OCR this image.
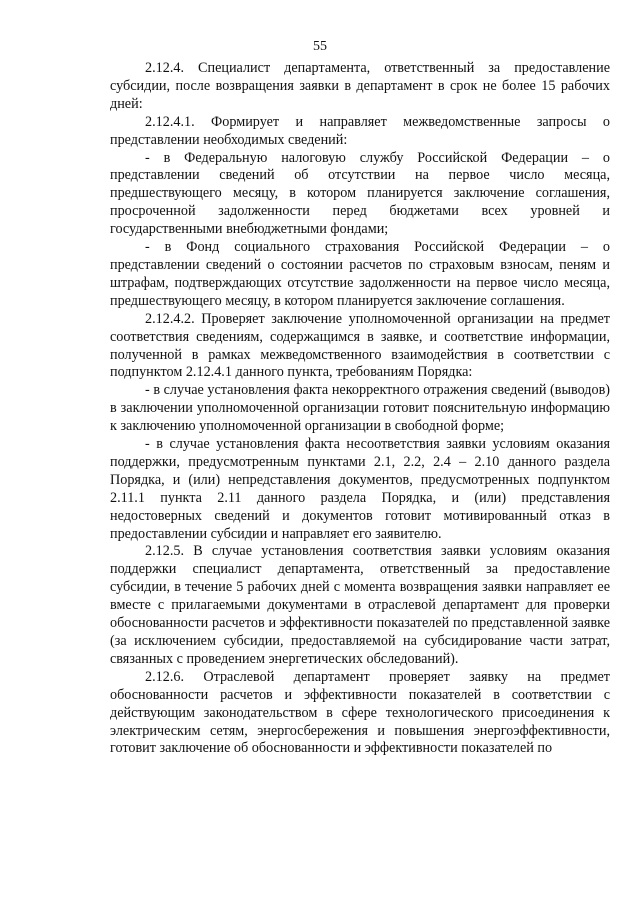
55

2.12.4. Специалист департамента, ответственный за предоставление субсидии, после возвращения заявки в департамент в срок не более 15 рабочих дней:

2.12.4.1. Формирует и направляет межведомственные запросы о представлении необходимых сведений:

- в Федеральную налоговую службу Российской Федерации – о представлении сведений об отсутствии на первое число месяца, предшествующего месяцу, в котором планируется заключение соглашения, просроченной задолженности перед бюджетами всех уровней и государственными внебюджетными фондами;

- в Фонд социального страхования Российской Федерации – о представлении сведений о состоянии расчетов по страховым взносам, пеням и штрафам, подтверждающих отсутствие задолженности на первое число месяца, предшествующего месяцу, в котором планируется заключение соглашения.

2.12.4.2. Проверяет заключение уполномоченной организации на предмет соответствия сведениям, содержащимся в заявке, и соответствие информации, полученной в рамках межведомственного взаимодействия в соответствии с подпунктом 2.12.4.1 данного пункта, требованиям Порядка:

- в случае установления факта некорректного отражения сведений (выводов) в заключении уполномоченной организации готовит пояснительную информацию к заключению уполномоченной организации в свободной форме;

- в случае установления факта несоответствия заявки условиям оказания поддержки, предусмотренным пунктами 2.1, 2.2, 2.4 – 2.10 данного раздела Порядка, и (или) непредставления документов, предусмотренных подпунктом 2.11.1 пункта 2.11 данного раздела Порядка, и (или) представления недостоверных сведений и документов готовит мотивированный отказ в предоставлении субсидии и направляет его заявителю.

2.12.5. В случае установления соответствия заявки условиям оказания поддержки специалист департамента, ответственный за предоставление субсидии, в течение 5 рабочих дней с момента возвращения заявки направляет ее вместе с прилагаемыми документами в отраслевой департамент для проверки обоснованности расчетов и эффективности показателей по представленной заявке (за исключением субсидии, предоставляемой на субсидирование части затрат, связанных с проведением энергетических обследований).

2.12.6. Отраслевой департамент проверяет заявку на предмет обоснованности расчетов и эффективности показателей в соответствии с действующим законодательством в сфере технологического присоединения к электрическим сетям, энергосбережения и повышения энергоэффективности, готовит заключение об обоснованности и эффективности показателей по
